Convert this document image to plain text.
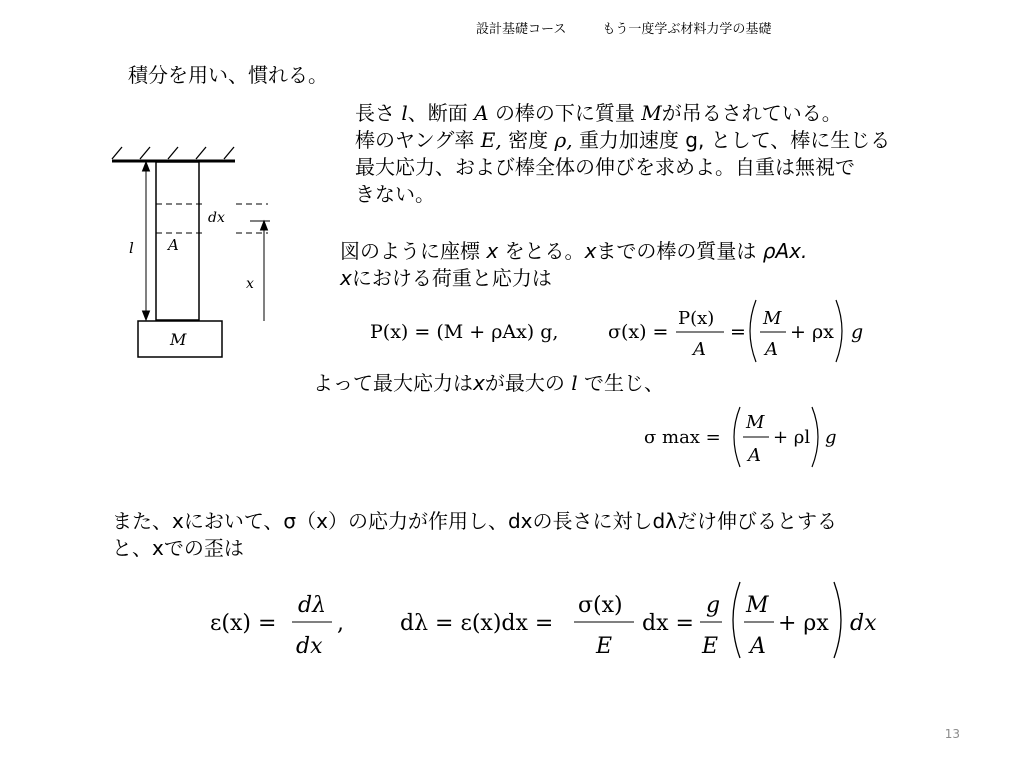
設計基礎コース	もう一度学ぶ材料力学の基礎
積分を用い、慣れる。
長さ l、断面 A の棒の下に質量 Mが吊るされている。
棒のヤング率 E, 密度 ρ, 重力加速度 g, として、棒に生じる
最大応力、および棒全体の伸びを求めよ。自重は無視で
きない。
dx
A
l
x
M
図のように座標 x をとる。xまでの棒の質量は ρAx.
xにおける荷重と応力は
P(x) = (M + ρAx) g,	σ(x) =
P(x)
A
=
M
A
+ ρx g
よって最大応力はxが最大の l で生じ、
σ max =
M
A
+ ρl g
また、xにおいて、σ（x）の応力が作用し、dxの長さに対しdλだけ伸びるとする
と、xでの歪は
ε(x) =
dλ
dx
,	dλ = ε(x)dx =
σ(x)
E
dx =
g
E
M
A
+ ρx dx
13
